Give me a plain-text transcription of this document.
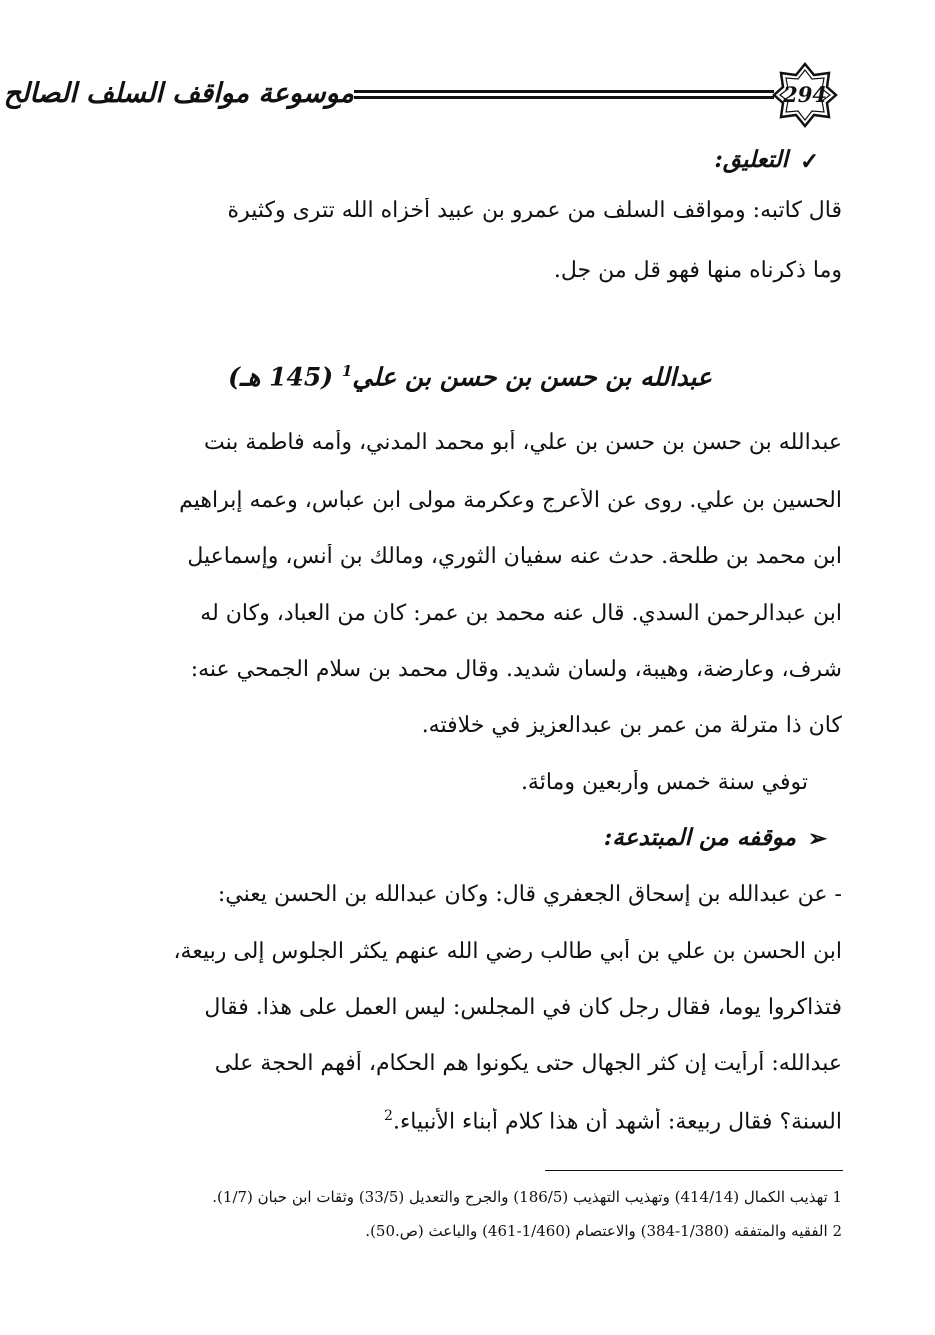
موسوعة مواقف السلف الصالح	294
✓
التعليق:
قال كاتبه: ومواقف السلف من عمرو بن عبيد أخزاه الله تترى وكثيرة
وما ذكرناه منها فهو قل من جل.
عبدالله بن حسن بن حسن بن علي$^1$ (145 هـ)
عبدالله بن حسن بن حسن بن علي، أبو محمد المدني، وأمه فاطمة بنت
الحسين بن علي. روى عن الأعرج وعكرمة مولى ابن عباس، وعمه إبراهيم
ابن محمد بن طلحة. حدث عنه سفيان الثوري، ومالك بن أنس، وإسماعيل
ابن عبدالرحمن السدي. قال عنه محمد بن عمر: كان من العباد، وكان له
شرف، وعارضة، وهيبة، ولسان شديد. وقال محمد بن سلام الجمحي عنه:
كان ذا مترلة من عمر بن عبدالعزيز في خلافته.
توفي سنة خمس وأربعين ومائة.
➢
موقفه من المبتدعة:
- عن عبدالله بن إسحاق الجعفري قال: وكان عبدالله بن الحسن يعني:
ابن الحسن بن علي بن أبي طالب رضي الله عنهم يكثر الجلوس إلى ربيعة،
فتذاكروا يوما، فقال رجل كان في المجلس: ليس العمل على هذا. فقال
عبدالله: أرأيت إن كثر الجهال حتى يكونوا هم الحكام، أفهم الحجة على
السنة؟ فقال ربيعة: أشهد أن هذا كلام أبناء الأنبياء.$^2$
1 تهذيب الكمال (414/14) وتهذيب التهذيب (186/5) والجرح والتعديل (33/5) وثقات ابن حبان (1/7).
2 الفقيه والمتفقه (1/380-384) والاعتصام (1/460-461) والباعث (ص.50).
